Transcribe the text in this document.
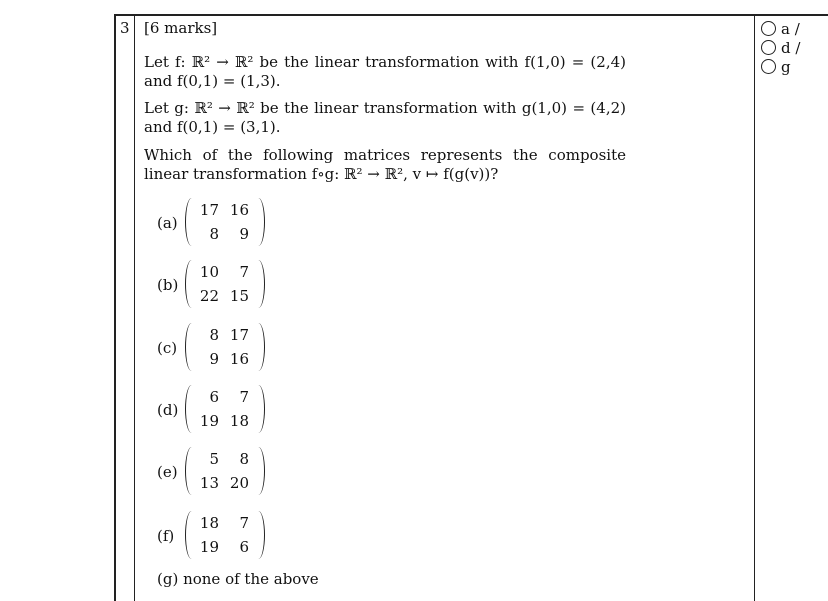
3 [6 marks]
Let f: ℝ² → ℝ² be the linear transformation with f(1,0) = (2,4) and f(0,1) = (1,3).
Let g: ℝ² → ℝ² be the linear transformation with g(1,0) = (4,2) and f(0,1) = (3,1).
Which of the following matrices represents the composite linear transformation f∘g: ℝ² → ℝ², v ↦ f(g(v))?
(a)
17 16
8	9
(b)
10	7
22 15
(c)
8 17
9 16
(d)
6	7
19 18
(e)
5	8
13 20
(f)
18	7
19	6
(g) none of the above
a /
d /
g
